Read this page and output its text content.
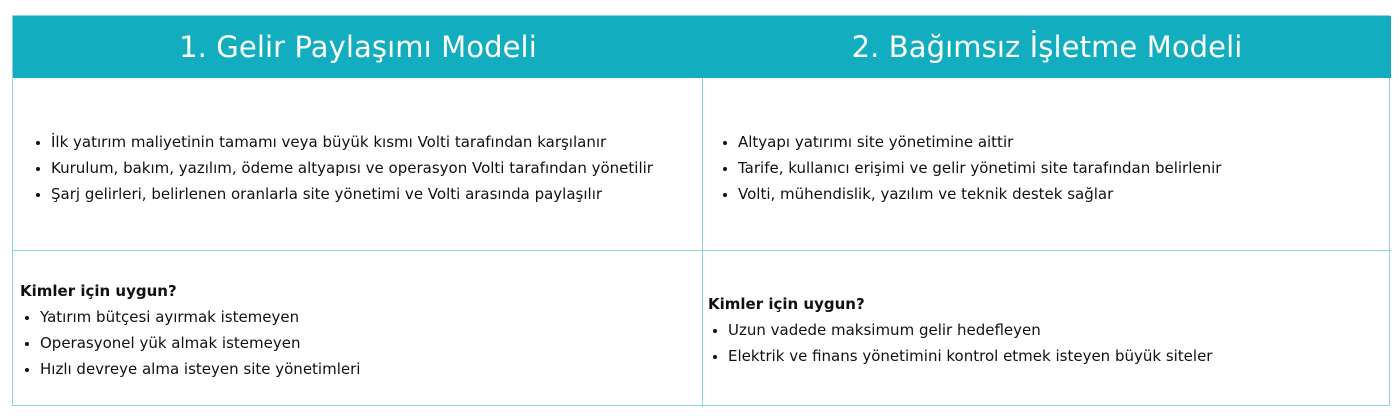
1. Gelir Paylaşımı Modeli	2. Bağımsız İşletme Modeli
İlk yatırım maliyetinin tamamı veya büyük kısmı Volti tarafından karşılanır
Kurulum, bakım, yazılım, ödeme altyapısı ve operasyon Volti tarafından yönetilir
Şarj gelirleri, belirlenen oranlarla site yönetimi ve Volti arasında paylaşılır
Altyapı yatırımı site yönetimine aittir
Tarife, kullanıcı erişimi ve gelir yönetimi site tarafından belirlenir
Volti, mühendislik, yazılım ve teknik destek sağlar
Kimler için uygun?
Yatırım bütçesi ayırmak istemeyen
Operasyonel yük almak istemeyen
Hızlı devreye alma isteyen site yönetimleri
Kimler için uygun?
Uzun vadede maksimum gelir hedefleyen
Elektrik ve finans yönetimini kontrol etmek isteyen büyük siteler
